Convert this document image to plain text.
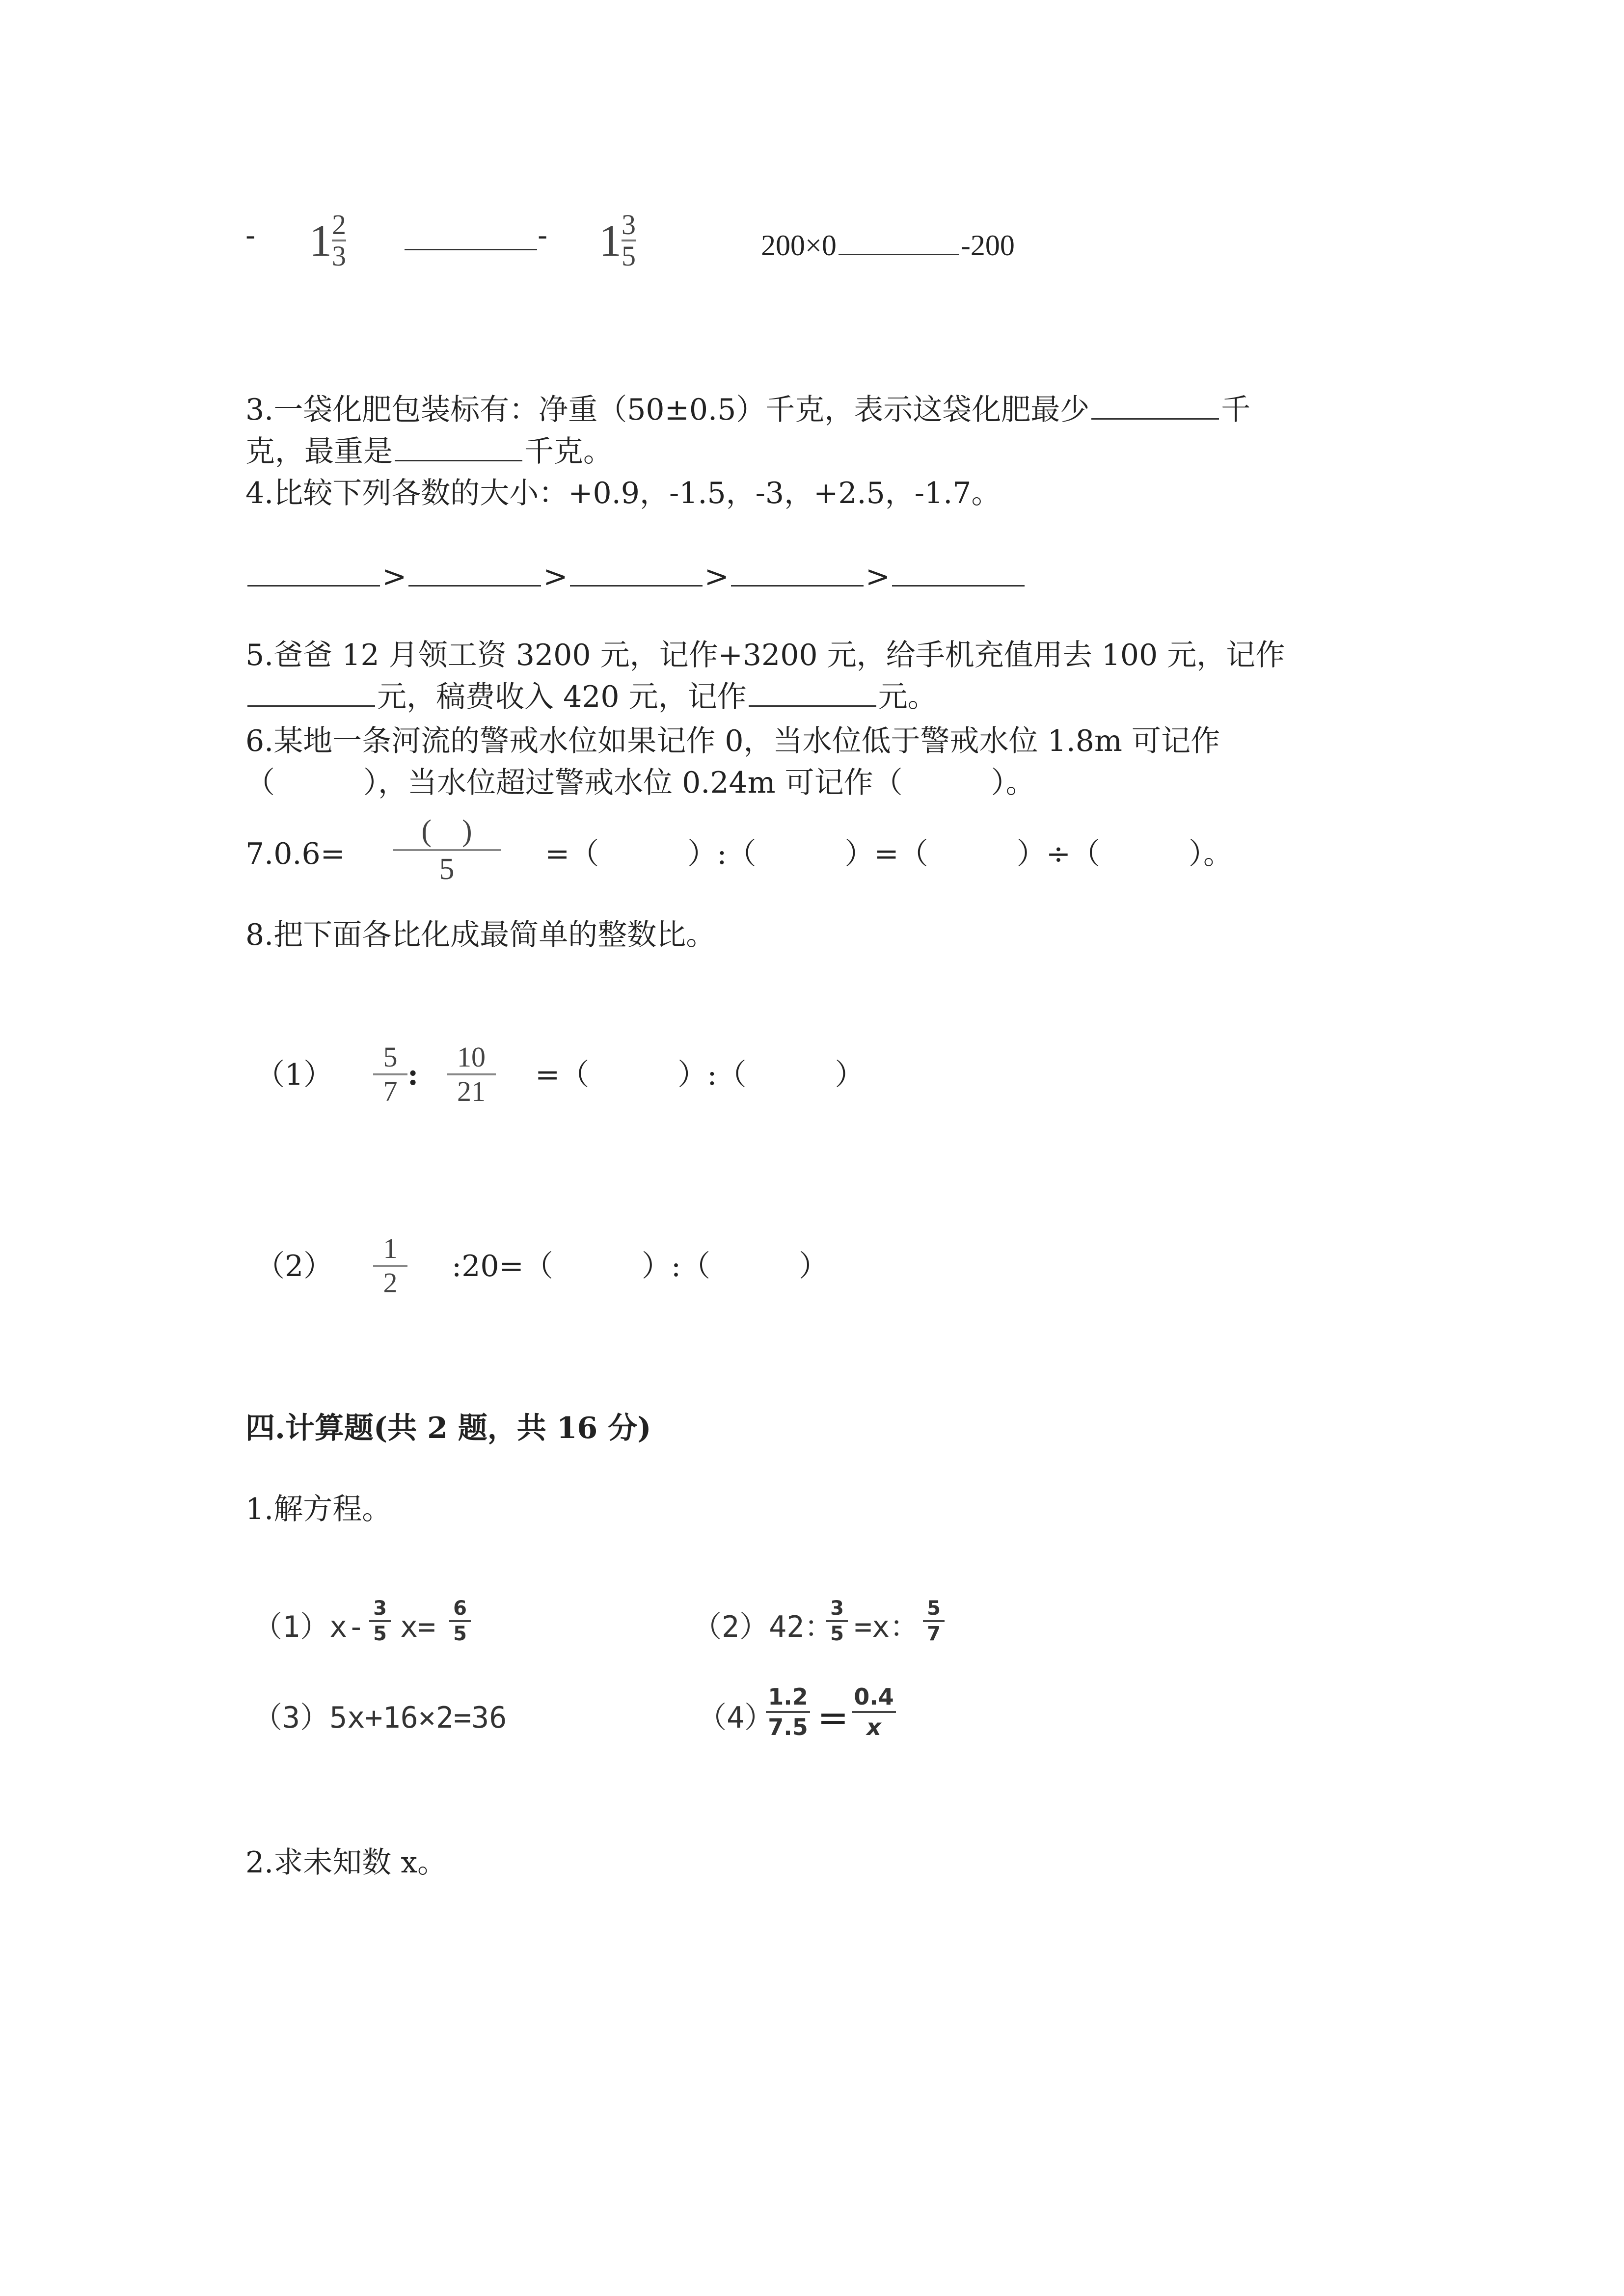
- $1\frac{2}{3}$	- $1\frac{3}{5}$	200×0	-200
3.一袋化肥包装标有：净重（50±0.5）千克，表示这袋化肥最少	千
克，最重是	千克。
4.比较下列各数的大小：+0.9，-1.5，-3，+2.5，-1.7。
>	>	>	>
5.爸爸 12 月领工资 3200 元，记作+3200 元，给手机充值用去 100 元，记作
元，稿费收入 420 元，记作	元。
6.某地一条河流的警戒水位如果记作 0，当水位低于警戒水位 1.8m 可记作
（　　　），当水位超过警戒水位 0.24m 可记作（　　　）。
7.0.6=
(　)
5	=（　　　）:（　　　）=（　　　）÷（　　　）。
8.把下面各比化成最简单的整数比。
（1）
5
7 :
10
21	=（　　　）:（　　　）
（2）
1
2	:20=（　　　）:（　　　）
四.计算题(共 2 题，共 16 分)
1.解方程。
（1）x-
3
5 x=
6
5	（2）42：
3
5 =x：
5
7
（3）5x+16×2=36	（4）
1.2
7.5 = 0.4
x
2.求未知数 x。
